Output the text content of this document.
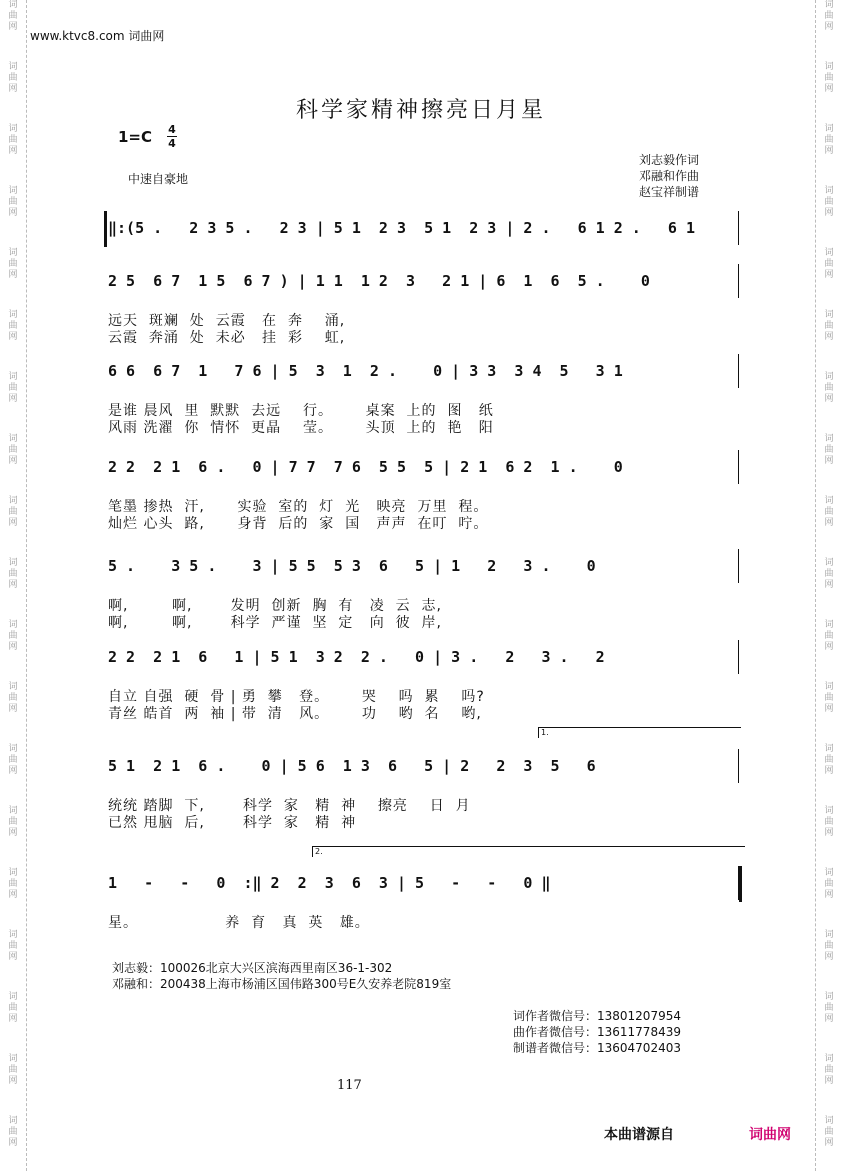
词
曲
网
词
曲
网
词
曲
网
词
曲
网
词
曲
网
词
曲
网
词
曲
网
词
曲
网
词
曲
网
词
曲
网
词
曲
网
词
曲
网
词
曲
网
词
曲
网
词
曲
网
词
曲
网
词
曲
网
词
曲
网
词
曲
网
词
曲
网
词
曲
网
词
曲
网
词
曲
网
词
曲
网
词
曲
网
词
曲
网
词
曲
网
词
曲
网
词
曲
网
词
曲
网
词
曲
网
词
曲
网
词
曲
网
词
曲
网
词
曲
网
词
曲
网
词
曲
网
词
曲
网
www.ktvc8.com 词曲网
科学家精神擦亮日月星
1=C 4
4
中速自豪地
刘志毅作词
邓融和作曲
赵宝祥制谱
‖:(5 .   2 3 5 .   2 3 | 5 1  2 3  5 1  2 3 | 2 .   6 1 2 .   6 1
2 5  6 7  1 5  6 7 ) | 1 1  1 2  3   2 1 | 6  1  6  5 .    0
远天  斑斓  处  云霞   在  奔    涌,
云霞  奔涌  处  未必   挂  彩    虹,
6 6  6 7  1   7 6 | 5  3  1  2 .    0 | 3 3  3 4  5   3 1
是谁 晨风  里  默默  去远    行。      桌案  上的  图   纸
风雨 洗濯  你  情怀  更晶    莹。      头顶  上的  艳   阳
2 2  2 1  6 .   0 | 7 7  7 6  5 5  5 | 2 1  6 2  1 .    0
笔墨 掺热  汗,      实验  室的  灯  光   映亮  万里  程。
灿烂 心头  路,      身背  后的  家  国   声声  在叮  咛。
5 .    3 5 .    3 | 5 5  5 3  6   5 | 1   2   3 .    0
啊,        啊,       发明  创新  胸  有   凌  云  志,
啊,        啊,       科学  严谨  坚  定   向  彼  岸,
2 2  2 1  6   1 | 5 1  3 2  2 .   0 | 3 .   2   3 .   2
自立 自强  硬  骨 | 勇  攀   登。      哭    吗  累    吗?
青丝 皓首  两  袖 | 带  清   风。      功    哟  名    哟,
5 1  2 1  6 .    0 | 5 6  1 3  6   5 | 2   2  3  5   6
统统 踏脚  下,       科学  家   精  神    擦亮    日  月
已然 甩脑  后,       科学  家   精  神
1.
1   -   -   0  :‖ 2  2  3  6  3 | 5   -   -   0 ‖
星。                养  育   真  英   雄。
2.
刘志毅：100026北京大兴区滨海西里南区36-1-302
邓融和：200438上海市杨浦区国伟路300号E久安养老院819室
词作者微信号：13801207954
曲作者微信号：13611778439
制谱者微信号：13604702403
117
本曲谱源自	词曲网
